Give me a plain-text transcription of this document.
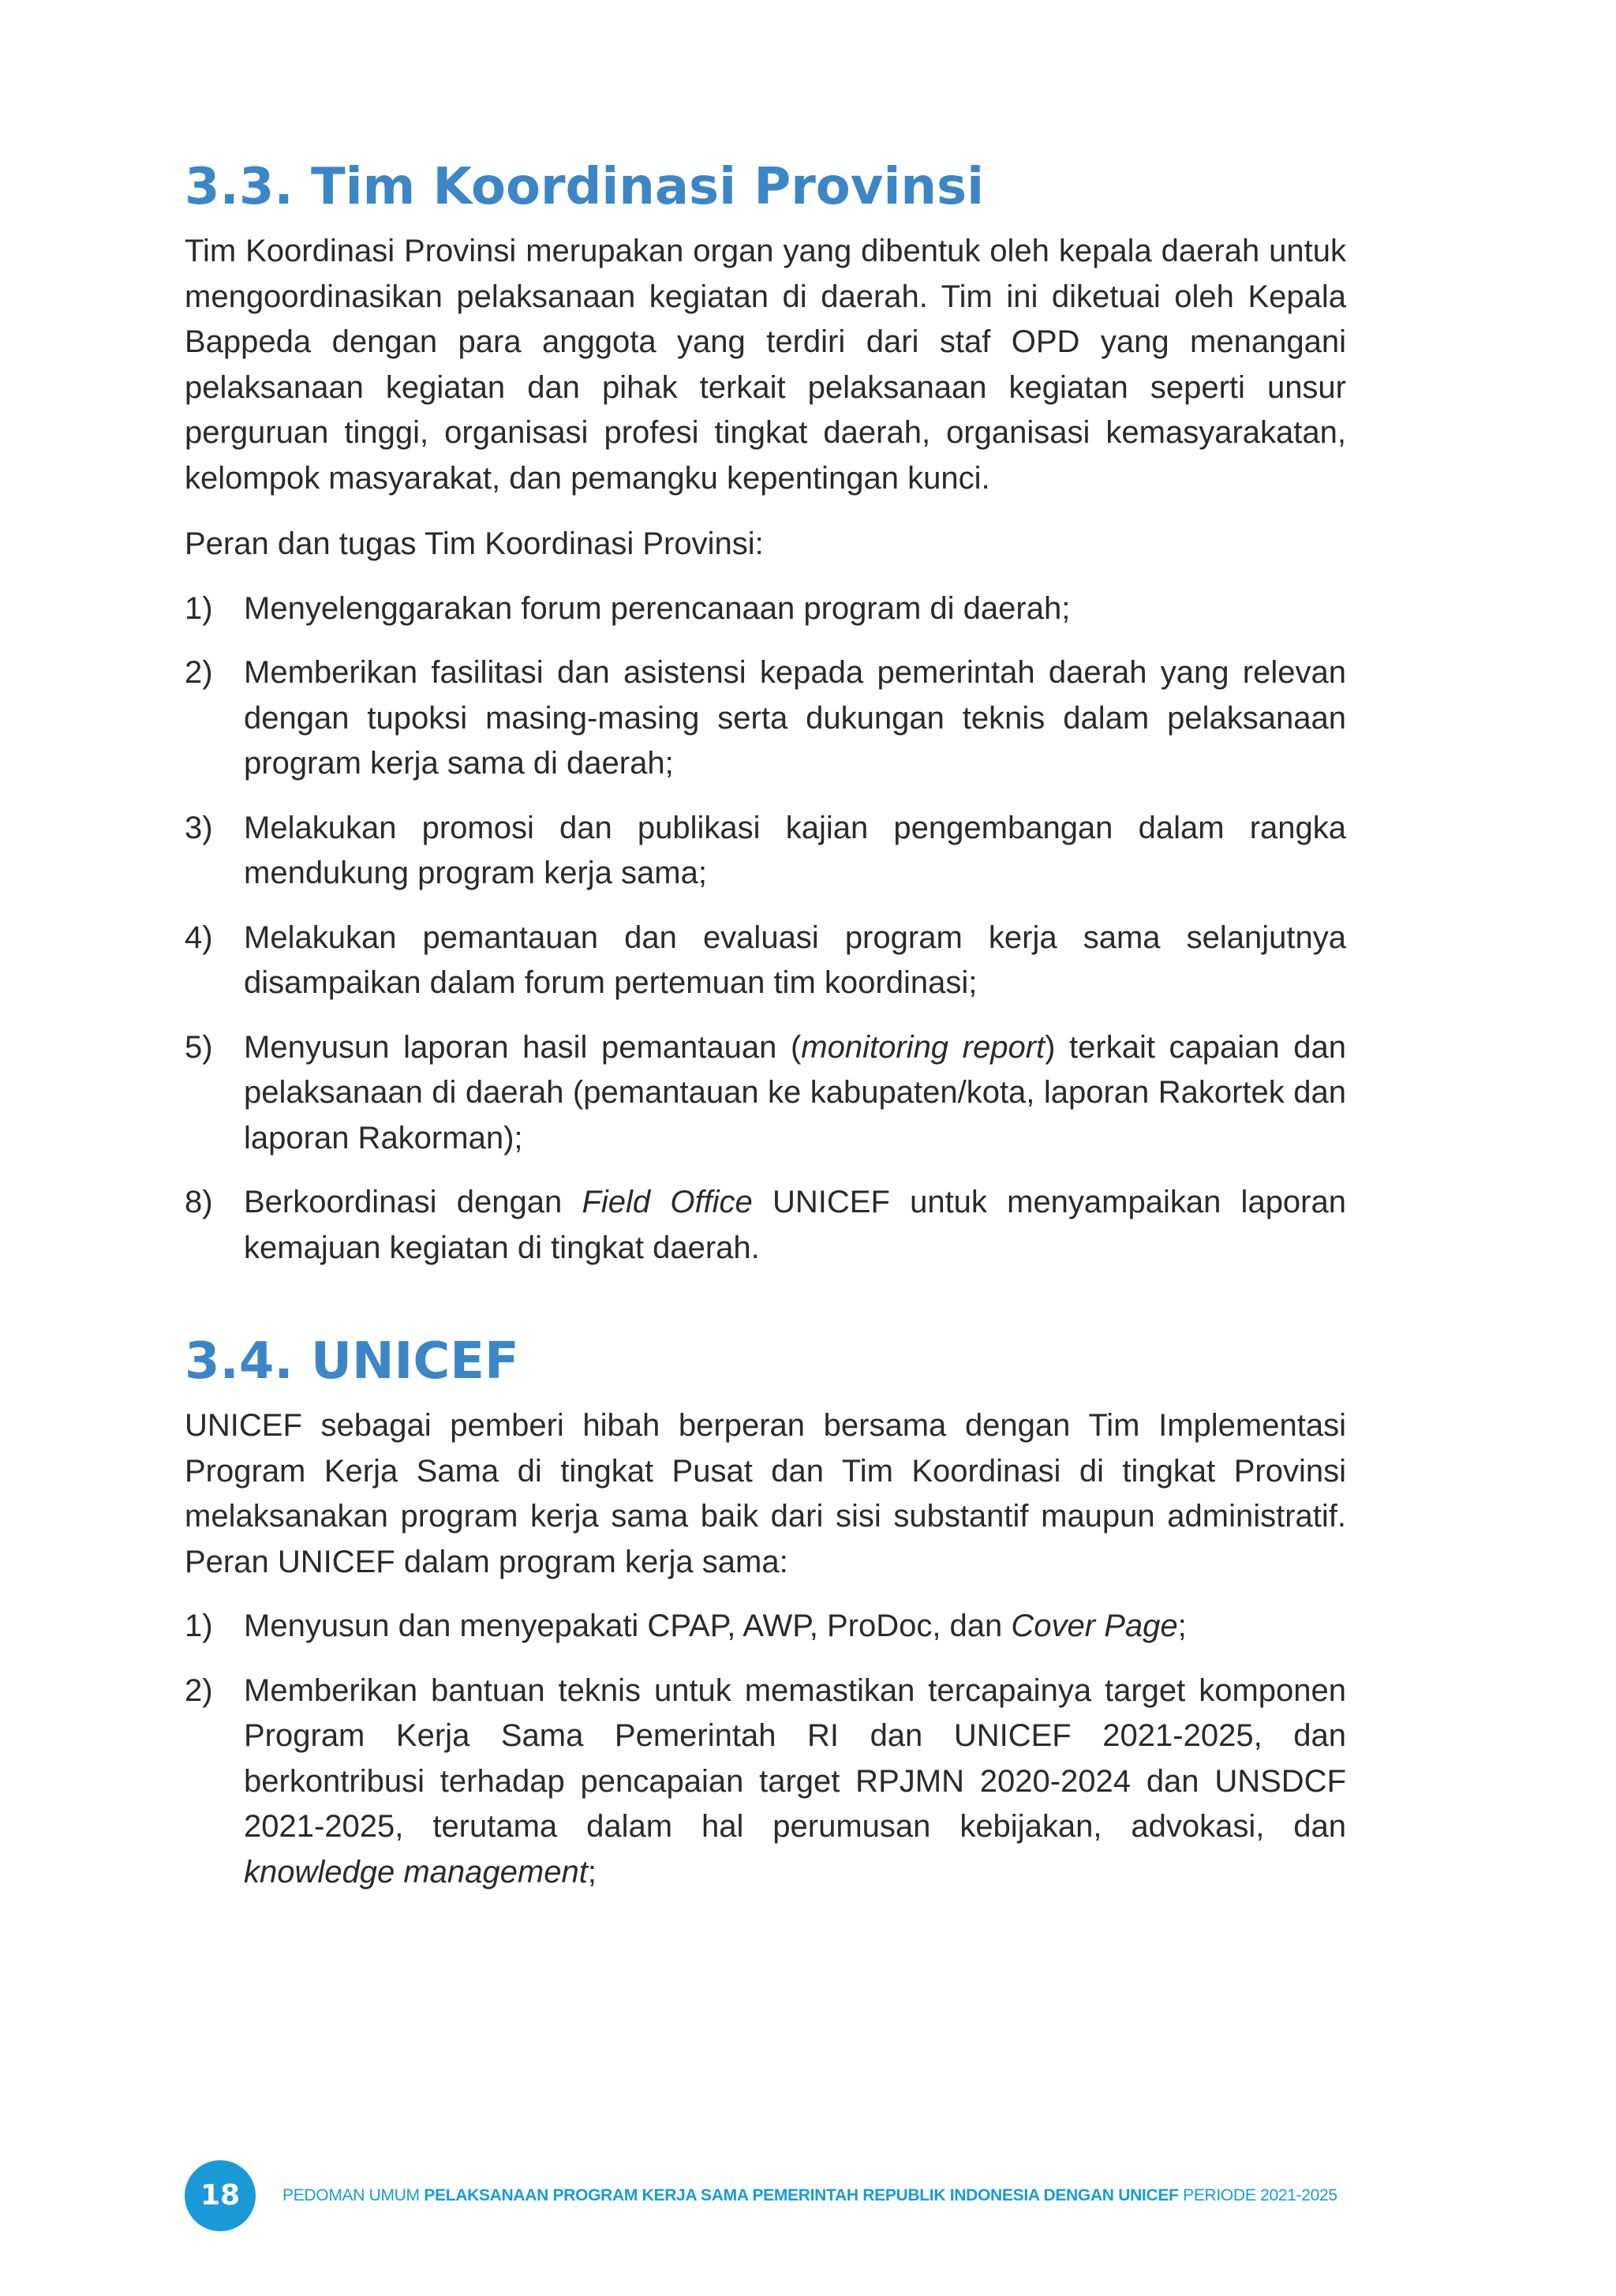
3.3. Tim Koordinasi Provinsi

Tim Koordinasi Provinsi merupakan organ yang dibentuk oleh kepala daerah untuk mengoordinasikan pelaksanaan kegiatan di daerah. Tim ini diketuai oleh Kepala Bappeda dengan para anggota yang terdiri dari staf OPD yang menangani pelaksanaan kegiatan dan pihak terkait pelaksanaan kegiatan seperti unsur perguruan tinggi, organisasi profesi tingkat daerah, organisasi kemasyarakatan, kelompok masyarakat, dan pemangku kepentingan kunci.

Peran dan tugas Tim Koordinasi Provinsi:

1) Menyelenggarakan forum perencanaan program di daerah;
2) Memberikan fasilitasi dan asistensi kepada pemerintah daerah yang relevan dengan tupoksi masing-masing serta dukungan teknis dalam pelaksanaan program kerja sama di daerah;
3) Melakukan promosi dan publikasi kajian pengembangan dalam rangka mendukung program kerja sama;
4) Melakukan pemantauan dan evaluasi program kerja sama selanjutnya disampaikan dalam forum pertemuan tim koordinasi;
5) Menyusun laporan hasil pemantauan (monitoring report) terkait capaian dan pelaksanaan di daerah (pemantauan ke kabupaten/kota, laporan Rakortek dan laporan Rakorman);
8) Berkoordinasi dengan Field Office UNICEF untuk menyampaikan laporan kemajuan kegiatan di tingkat daerah.
3.4. UNICEF

UNICEF sebagai pemberi hibah berperan bersama dengan Tim Implementasi Program Kerja Sama di tingkat Pusat dan Tim Koordinasi di tingkat Provinsi melaksanakan program kerja sama baik dari sisi substantif maupun administratif. Peran UNICEF dalam program kerja sama:

1) Menyusun dan menyepakati CPAP, AWP, ProDoc, dan Cover Page;
2) Memberikan bantuan teknis untuk memastikan tercapainya target komponen Program Kerja Sama Pemerintah RI dan UNICEF 2021-2025, dan berkontribusi terhadap pencapaian target RPJMN 2020-2024 dan UNSDCF 2021-2025, terutama dalam hal perumusan kebijakan, advokasi, dan knowledge management;
18	PEDOMAN UMUM PELAKSANAAN PROGRAM KERJA SAMA PEMERINTAH REPUBLIK INDONESIA DENGAN UNICEF PERIODE 2021-2025
